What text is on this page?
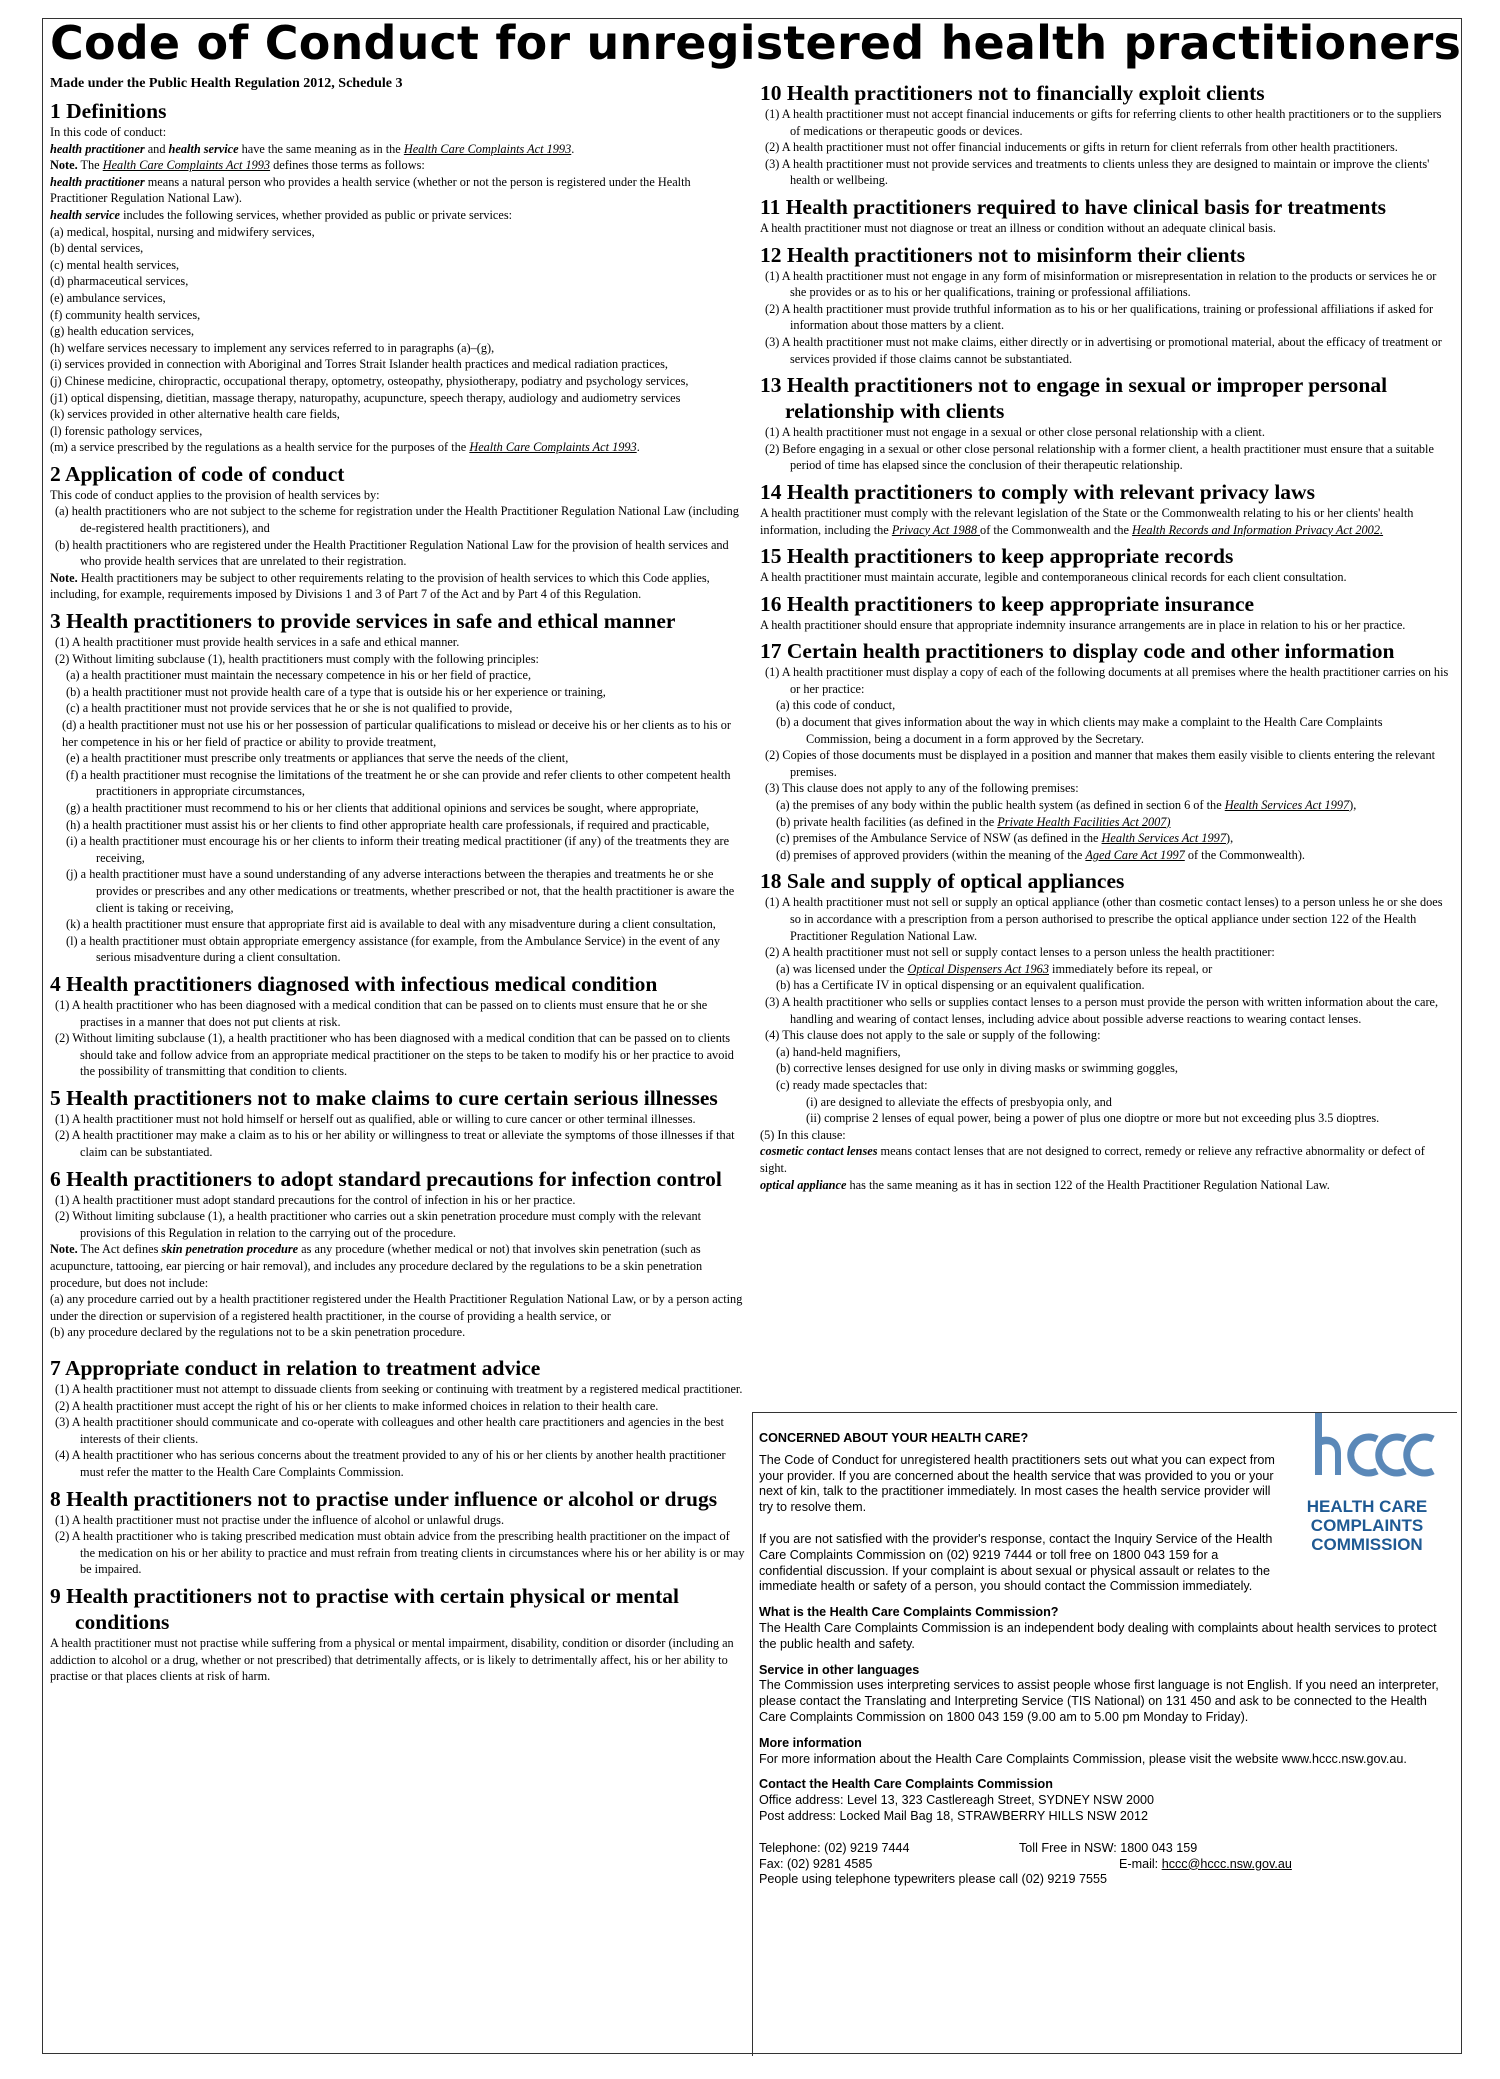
Code of Conduct for unregistered health practitioners
Made under the Public Health Regulation 2012, Schedule 3
1 Definitions

In this code of conduct:

health practitioner and health service have the same meaning as in the Health Care Complaints Act 1993.

Note. The Health Care Complaints Act 1993 defines those terms as follows:

health practitioner means a natural person who provides a health service (whether or not the person is registered under the Health Practitioner Regulation National Law).

health service includes the following services, whether provided as public or private services:

(a) medical, hospital, nursing and midwifery services,

(b) dental services,

(c) mental health services,

(d) pharmaceutical services,

(e) ambulance services,

(f) community health services,

(g) health education services,

(h) welfare services necessary to implement any services referred to in paragraphs (a)–(g),

(i) services provided in connection with Aboriginal and Torres Strait Islander health practices and medical radiation practices,

(j) Chinese medicine, chiropractic, occupational therapy, optometry, osteopathy, physiotherapy, podiatry and psychology services,

(j1) optical dispensing, dietitian, massage therapy, naturopathy, acupuncture, speech therapy, audiology and audiometry services

(k) services provided in other alternative health care fields,

(l) forensic pathology services,

(m) a service prescribed by the regulations as a health service for the purposes of the Health Care Complaints Act 1993.

2 Application of code of conduct

This code of conduct applies to the provision of health services by:

(a) health practitioners who are not subject to the scheme for registration under the Health Practitioner Regulation National Law (including de-registered health practitioners), and

(b) health practitioners who are registered under the Health Practitioner Regulation National Law for the provision of health services and who provide health services that are unrelated to their registration.

Note. Health practitioners may be subject to other requirements relating to the provision of health services to which this Code applies, including, for example, requirements imposed by Divisions 1 and 3 of Part 7 of the Act and by Part 4 of this Regulation.

3 Health practitioners to provide services in safe and ethical manner

(1) A health practitioner must provide health services in a safe and ethical manner.

(2) Without limiting subclause (1), health practitioners must comply with the following principles:

(a) a health practitioner must maintain the necessary competence in his or her field of practice,

(b) a health practitioner must not provide health care of a type that is outside his or her experience or training,

(c) a health practitioner must not provide services that he or she is not qualified to provide,

(d) a health practitioner must not use his or her possession of particular qualifications to mislead or deceive his or her clients as to his or her competence in his or her field of practice or ability to provide treatment,

(e) a health practitioner must prescribe only treatments or appliances that serve the needs of the client,

(f) a health practitioner must recognise the limitations of the treatment he or she can provide and refer clients to other competent health practitioners in appropriate circumstances,

(g) a health practitioner must recommend to his or her clients that additional opinions and services be sought, where appropriate,

(h) a health practitioner must assist his or her clients to find other appropriate health care professionals, if required and practicable,

(i) a health practitioner must encourage his or her clients to inform their treating medical practitioner (if any) of the treatments they are receiving,

(j) a health practitioner must have a sound understanding of any adverse interactions between the therapies and treatments he or she provides or prescribes and any other medications or treatments, whether prescribed or not, that the health practitioner is aware the client is taking or receiving,

(k) a health practitioner must ensure that appropriate first aid is available to deal with any misadventure during a client consultation,

(l) a health practitioner must obtain appropriate emergency assistance (for example, from the Ambulance Service) in the event of any serious misadventure during a client consultation.

4 Health practitioners diagnosed with infectious medical condition

(1) A health practitioner who has been diagnosed with a medical condition that can be passed on to clients must ensure that he or she practises in a manner that does not put clients at risk.

(2) Without limiting subclause (1), a health practitioner who has been diagnosed with a medical condition that can be passed on to clients should take and follow advice from an appropriate medical practitioner on the steps to be taken to modify his or her practice to avoid the possibility of transmitting that condition to clients.

5 Health practitioners not to make claims to cure certain serious illnesses

(1) A health practitioner must not hold himself or herself out as qualified, able or willing to cure cancer or other terminal illnesses.

(2) A health practitioner may make a claim as to his or her ability or willingness to treat or alleviate the symptoms of those illnesses if that claim can be substantiated.

6 Health practitioners to adopt standard precautions for infection control

(1) A health practitioner must adopt standard precautions for the control of infection in his or her practice.

(2) Without limiting subclause (1), a health practitioner who carries out a skin penetration procedure must comply with the relevant provisions of this Regulation in relation to the carrying out of the procedure.

Note. The Act defines skin penetration procedure as any procedure (whether medical or not) that involves skin penetration (such as acupuncture, tattooing, ear piercing or hair removal), and includes any procedure declared by the regulations to be a skin penetration procedure, but does not include:

(a) any procedure carried out by a health practitioner registered under the Health Practitioner Regulation National Law, or by a person acting under the direction or supervision of a registered health practitioner, in the course of providing a health service, or

(b) any procedure declared by the regulations not to be a skin penetration procedure.

7 Appropriate conduct in relation to treatment advice

(1) A health practitioner must not attempt to dissuade clients from seeking or continuing with treatment by a registered medical practitioner.

(2) A health practitioner must accept the right of his or her clients to make informed choices in relation to their health care.

(3) A health practitioner should communicate and co-operate with colleagues and other health care practitioners and agencies in the best interests of their clients.

(4) A health practitioner who has serious concerns about the treatment provided to any of his or her clients by another health practitioner must refer the matter to the Health Care Complaints Commission.

8 Health practitioners not to practise under influence or alcohol or drugs

(1) A health practitioner must not practise under the influence of alcohol or unlawful drugs.

(2) A health practitioner who is taking prescribed medication must obtain advice from the prescribing health practitioner on the impact of the medication on his or her ability to practice and must refrain from treating clients in circumstances where his or her ability is or may be impaired.

9 Health practitioners not to practise with certain physical or mental conditions

A health practitioner must not practise while suffering from a physical or mental impairment, disability, condition or disorder (including an addiction to alcohol or a drug, whether or not prescribed) that detrimentally affects, or is likely to detrimentally affect, his or her ability to practise or that places clients at risk of harm.

10 Health practitioners not to financially exploit clients

(1) A health practitioner must not accept financial inducements or gifts for referring clients to other health practitioners or to the suppliers of medications or therapeutic goods or devices.

(2) A health practitioner must not offer financial inducements or gifts in return for client referrals from other health practitioners.

(3) A health practitioner must not provide services and treatments to clients unless they are designed to maintain or improve the clients' health or wellbeing.

11 Health practitioners required to have clinical basis for treatments

A health practitioner must not diagnose or treat an illness or condition without an adequate clinical basis.

12 Health practitioners not to misinform their clients

(1) A health practitioner must not engage in any form of misinformation or misrepresentation in relation to the products or services he or she provides or as to his or her qualifications, training or professional affiliations.

(2) A health practitioner must provide truthful information as to his or her qualifications, training or professional affiliations if asked for information about those matters by a client.

(3) A health practitioner must not make claims, either directly or in advertising or promotional material, about the efficacy of treatment or services provided if those claims cannot be substantiated.

13 Health practitioners not to engage in sexual or improper personal relationship with clients

(1) A health practitioner must not engage in a sexual or other close personal relationship with a client.

(2) Before engaging in a sexual or other close personal relationship with a former client, a health practitioner must ensure that a suitable period of time has elapsed since the conclusion of their therapeutic relationship.

14 Health practitioners to comply with relevant privacy laws

A health practitioner must comply with the relevant legislation of the State or the Commonwealth relating to his or her clients' health information, including the Privacy Act 1988 of the Commonwealth and the Health Records and Information Privacy Act 2002.

15 Health practitioners to keep appropriate records

A health practitioner must maintain accurate, legible and contemporaneous clinical records for each client consultation.

16 Health practitioners to keep appropriate insurance

A health practitioner should ensure that appropriate indemnity insurance arrangements are in place in relation to his or her practice.

17 Certain health practitioners to display code and other information

(1) A health practitioner must display a copy of each of the following documents at all premises where the health practitioner carries on his or her practice:

(a) this code of conduct,

(b) a document that gives information about the way in which clients may make a complaint to the Health Care Complaints Commission, being a document in a form approved by the Secretary.

(2) Copies of those documents must be displayed in a position and manner that makes them easily visible to clients entering the relevant premises.

(3) This clause does not apply to any of the following premises:

(a) the premises of any body within the public health system (as defined in section 6 of the Health Services Act 1997),

(b) private health facilities (as defined in the Private Health Facilities Act 2007)

(c) premises of the Ambulance Service of NSW (as defined in the Health Services Act 1997),

(d) premises of approved providers (within the meaning of the Aged Care Act 1997 of the Commonwealth).

18 Sale and supply of optical appliances

(1) A health practitioner must not sell or supply an optical appliance (other than cosmetic contact lenses) to a person unless he or she does so in accordance with a prescription from a person authorised to prescribe the optical appliance under section 122 of the Health Practitioner Regulation National Law.

(2) A health practitioner must not sell or supply contact lenses to a person unless the health practitioner:

(a) was licensed under the Optical Dispensers Act 1963 immediately before its repeal, or

(b) has a Certificate IV in optical dispensing or an equivalent qualification.

(3) A health practitioner who sells or supplies contact lenses to a person must provide the person with written information about the care, handling and wearing of contact lenses, including advice about possible adverse reactions to wearing contact lenses.

(4) This clause does not apply to the sale or supply of the following:

(a) hand-held magnifiers,

(b) corrective lenses designed for use only in diving masks or swimming goggles,

(c) ready made spectacles that:

(i) are designed to alleviate the effects of presbyopia only, and

(ii) comprise 2 lenses of equal power, being a power of plus one dioptre or more but not exceeding plus 3.5 dioptres.

(5) In this clause:

cosmetic contact lenses means contact lenses that are not designed to correct, remedy or relieve any refractive abnormality or defect of sight.

optical appliance has the same meaning as it has in section 122 of the Health Practitioner Regulation National Law.

HEALTH CARE
COMPLAINTS
COMMISSION
CONCERNED ABOUT YOUR HEALTH CARE?

The Code of Conduct for unregistered health practitioners sets out what you can expect from your provider. If you are concerned about the health service that was provided to you or your next of kin, talk to the practitioner immediately. In most cases the health service provider will try to resolve them.

If you are not satisfied with the provider's response, contact the Inquiry Service of the Health Care Complaints Commission on (02) 9219 7444 or toll free on 1800 043 159 for a confidential discussion. If your complaint is about sexual or physical assault or relates to the immediate health or safety of a person, you should contact the Commission immediately.

What is the Health Care Complaints Commission?

The Health Care Complaints Commission is an independent body dealing with complaints about health services to protect the public health and safety.

Service in other languages

The Commission uses interpreting services to assist people whose first language is not English. If you need an interpreter, please contact the Translating and Interpreting Service (TIS National) on 131 450 and ask to be connected to the Health Care Complaints Commission on 1800 043 159 (9.00 am to 5.00 pm Monday to Friday).

More information

For more information about the Health Care Complaints Commission, please visit the website www.hccc.nsw.gov.au.

Contact the Health Care Complaints Commission

Office address: Level 13, 323 Castlereagh Street, SYDNEY NSW 2000

Post address: Locked Mail Bag 18, STRAWBERRY HILLS NSW 2012

Telephone: (02) 9219 7444	Toll Free in NSW: 1800 043 159
Fax: (02) 9281 4585	E-mail: hccc@hccc.nsw.gov.au

People using telephone typewriters please call (02) 9219 7555
